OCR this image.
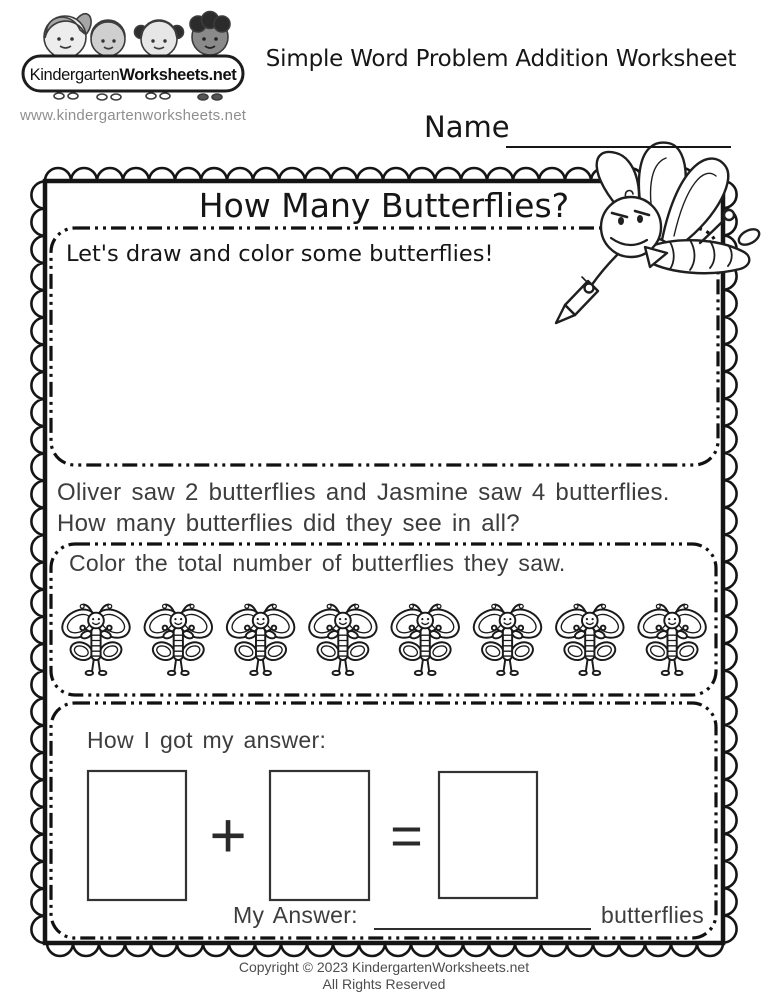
KindergartenWorksheets.net
www.kindergartenworksheets.net
Simple Word Problem Addition Worksheet
Name
How Many Butterflies?
Let's draw and color some butterflies!
Oliver saw 2 butterflies and Jasmine saw 4 butterflies.
How many butterflies did they see in all?
Color the total number of butterflies they saw.
How I got my answer:
+	=
My Answer:	butterflies
Copyright © 2023 KindergartenWorksheets.net
All Rights Reserved
